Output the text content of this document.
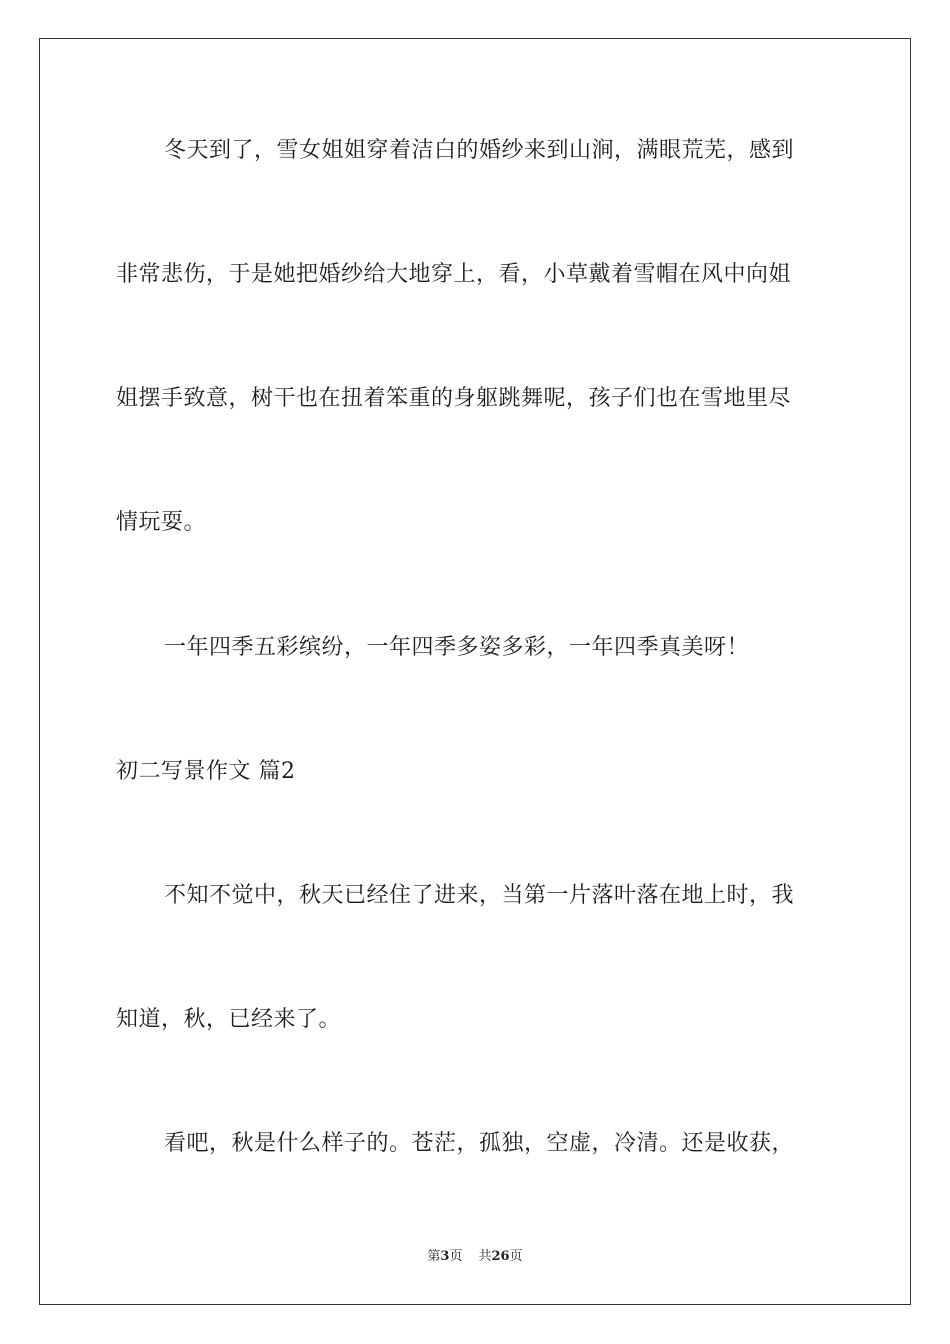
冬天到了，雪女姐姐穿着洁白的婚纱来到山涧，满眼荒芜，感到
非常悲伤，于是她把婚纱给大地穿上，看，小草戴着雪帽在风中向姐
姐摆手致意，树干也在扭着笨重的身躯跳舞呢，孩子们也在雪地里尽
情玩耍。
一年四季五彩缤纷，一年四季多姿多彩，一年四季真美呀！
初二写景作文 篇2
不知不觉中，秋天已经住了进来，当第一片落叶落在地上时，我
知道，秋，已经来了。
看吧，秋是什么样子的。苍茫，孤独，空虚，冷清。还是收获，
第3页 共26页
